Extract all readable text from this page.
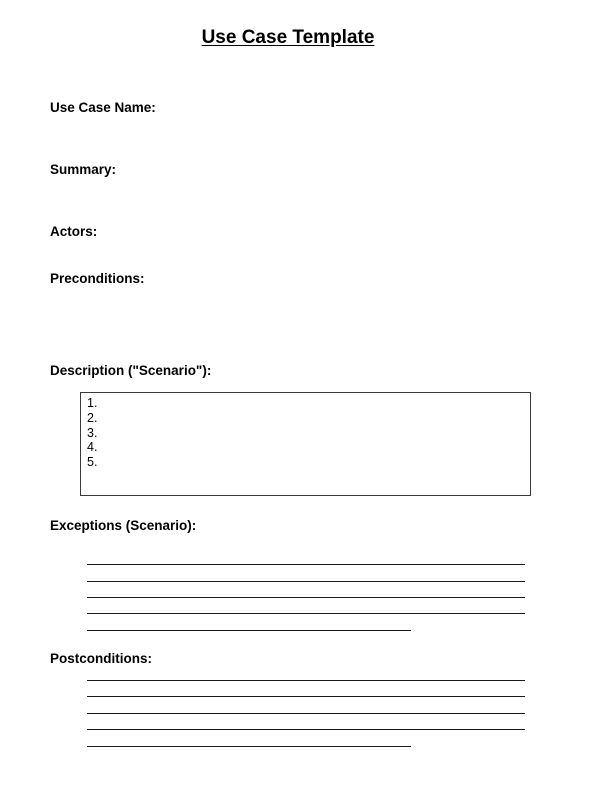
Use Case Template
Use Case Name:
Summary:
Actors:
Preconditions:
Description ("Scenario"):
1.
2.
3.
4.
5.
Exceptions (Scenario):
Postconditions:
